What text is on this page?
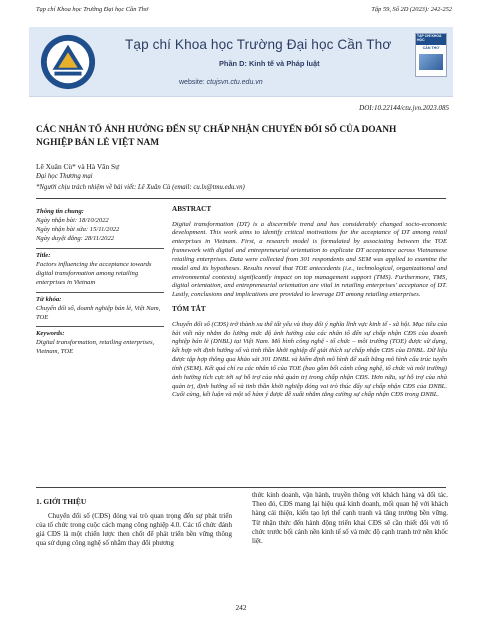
Tạp chí Khoa học Trường Đại học Cần Thơ	Tập 59, Số 2D (2023): 242-252
Tạp chí Khoa học Trường Đại học Cần Thơ
Phần D: Kinh tế và Pháp luật
website: ctujsvn.ctu.edu.vn
TẠP CHÍ KHOA HỌC
CẦN THƠ
DOI:10.22144/ctu.jvn.2023.085
CÁC NHÂN TỐ ẢNH HƯỞNG ĐẾN SỰ CHẤP NHẬN CHUYỂN ĐỔI SỐ CỦA DOANH NGHIỆP BÁN LẺ VIỆT NAM
Lê Xuân Cù* và Hà Văn Sự
Đại học Thương mại
*Người chịu trách nhiệm về bài viết: Lê Xuân Cù (email: cu.lx@tmu.edu.vn)
Thông tin chung:
Ngày nhận bài: 18/10/2022
Ngày nhận bài sửa: 15/11/2022
Ngày duyệt đăng: 28/11/2022
Title:
Factors influencing the acceptance towards digital transformation among retailing enterprises in Vietnam
Từ khóa:
Chuyển đổi số, doanh nghiệp bán lẻ, Việt Nam, TOE
Keywords:
Digital transformation, retailing enterprises, Vietnam, TOE
ABSTRACT

Digital transformation (DT) is a discernible trend and has considerably changed socio-economic development. This work aims to identify critical motivations for the acceptance of DT among retail enterprises in Vietnam. First, a research model is formulated by associating between the TOE framework with digital and entrepreneurial orientation to explicate DT acceptance across Vietnamese retailing enterprises. Data were collected from 301 respondents and SEM was applied to examine the model and its hypotheses. Results reveal that TOE antecedents (i.e., technological, organizational and environmental contexts) significantly impact on top management support (TMS). Furthermore, TMS, digital orientation, and entrepreneurial orientation are vital in retailing enterprises' acceptance of DT. Lastly, conclusions and implications are provided to leverage DT among retailing enterprises.

TÓM TẮT

Chuyển đổi số (CĐS) trở thành xu thế tất yếu và thay đổi ý nghĩa lĩnh vực kinh tế - xã hội. Mục tiêu của bài viết này nhằm đo lường mức độ ảnh hưởng của các nhân tố đến sự chấp nhận CĐS của doanh nghiệp bán lẻ (DNBL) tại Việt Nam. Mô hình công nghệ - tổ chức – môi trường (TOE) được sử dụng, kết hợp với định hướng số và tinh thần khởi nghiệp để giải thích sự chấp nhận CĐS của DNBL. Dữ liệu được tập hợp thông qua khảo sát 301 DNBL và kiểm định mô hình để xuất bằng mô hình cấu trúc tuyến tính (SEM). Kết quả chỉ ra các nhân tố của TOE (bao gồm bối cảnh công nghệ, tổ chức và môi trường) ảnh hưởng tích cực tới sự hỗ trợ của nhà quản trị trong chấp nhận CĐS. Hơn nữa, sự hỗ trợ của nhà quản trị, định hướng số và tinh thần khởi nghiệp đóng vai trò thúc đẩy sự chấp nhận CĐS của DNBL. Cuối cùng, kết luận và một số hàm ý được đề xuất nhằm tăng cường sự chấp nhận CĐS trong DNBL.

1. GIỚI THIỆU

Chuyển đổi số (CĐS) đóng vai trò quan trọng đến sự phát triển của tổ chức trong cuộc cách mạng công nghiệp 4.0. Các tổ chức đánh giá CĐS là một chiến lược then chốt để phát triển bền vững thông qua sử dụng công nghệ số nhằm thay đổi phương

thức kinh doanh, vận hành, truyền thông với khách hàng và đối tác. Theo đó, CĐS mang lại hiệu quả kinh doanh, mối quan hệ với khách hàng cải thiện, kiến tạo lợi thế cạnh tranh và tăng trưởng bền vững. Từ nhận thức đến hành động triển khai CĐS sẽ cần thiết đối với tổ chức trước bối cảnh nền kinh tế số và mức độ cạnh tranh trở nên khốc liệt.

242
